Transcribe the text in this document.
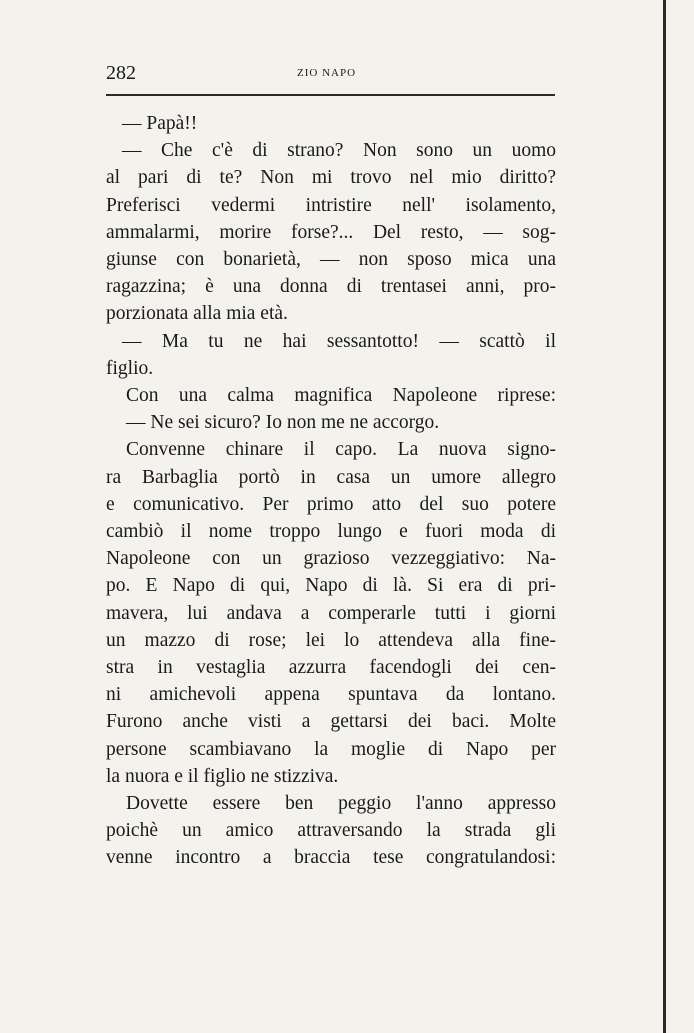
282	ZIO NAPO
— Papà!!
— Che c'è di strano? Non sono un uomo
al pari di te? Non mi trovo nel mio diritto?
Preferisci vedermi intristire nell' isolamento,
ammalarmi, morire forse?... Del resto, — sog-
giunse con bonarietà, — non sposo mica una
ragazzina; è una donna di trentasei anni, pro-
porzionata alla mia età.
— Ma tu ne hai sessantotto! — scattò il
figlio.
Con una calma magnifica Napoleone riprese:
— Ne sei sicuro? Io non me ne accorgo.
Convenne chinare il capo. La nuova signo-
ra Barbaglia portò in casa un umore allegro
e comunicativo. Per primo atto del suo potere
cambiò il nome troppo lungo e fuori moda di
Napoleone con un grazioso vezzeggiativo: Na-
po. E Napo di qui, Napo di là. Si era di pri-
mavera, lui andava a comperarle tutti i giorni
un mazzo di rose; lei lo attendeva alla fine-
stra in vestaglia azzurra facendogli dei cen-
ni amichevoli appena spuntava da lontano.
Furono anche visti a gettarsi dei baci. Molte
persone scambiavano la moglie di Napo per
la nuora e il figlio ne stizziva.
Dovette essere ben peggio l'anno appresso
poichè un amico attraversando la strada gli
venne incontro a braccia tese congratulandosi:
